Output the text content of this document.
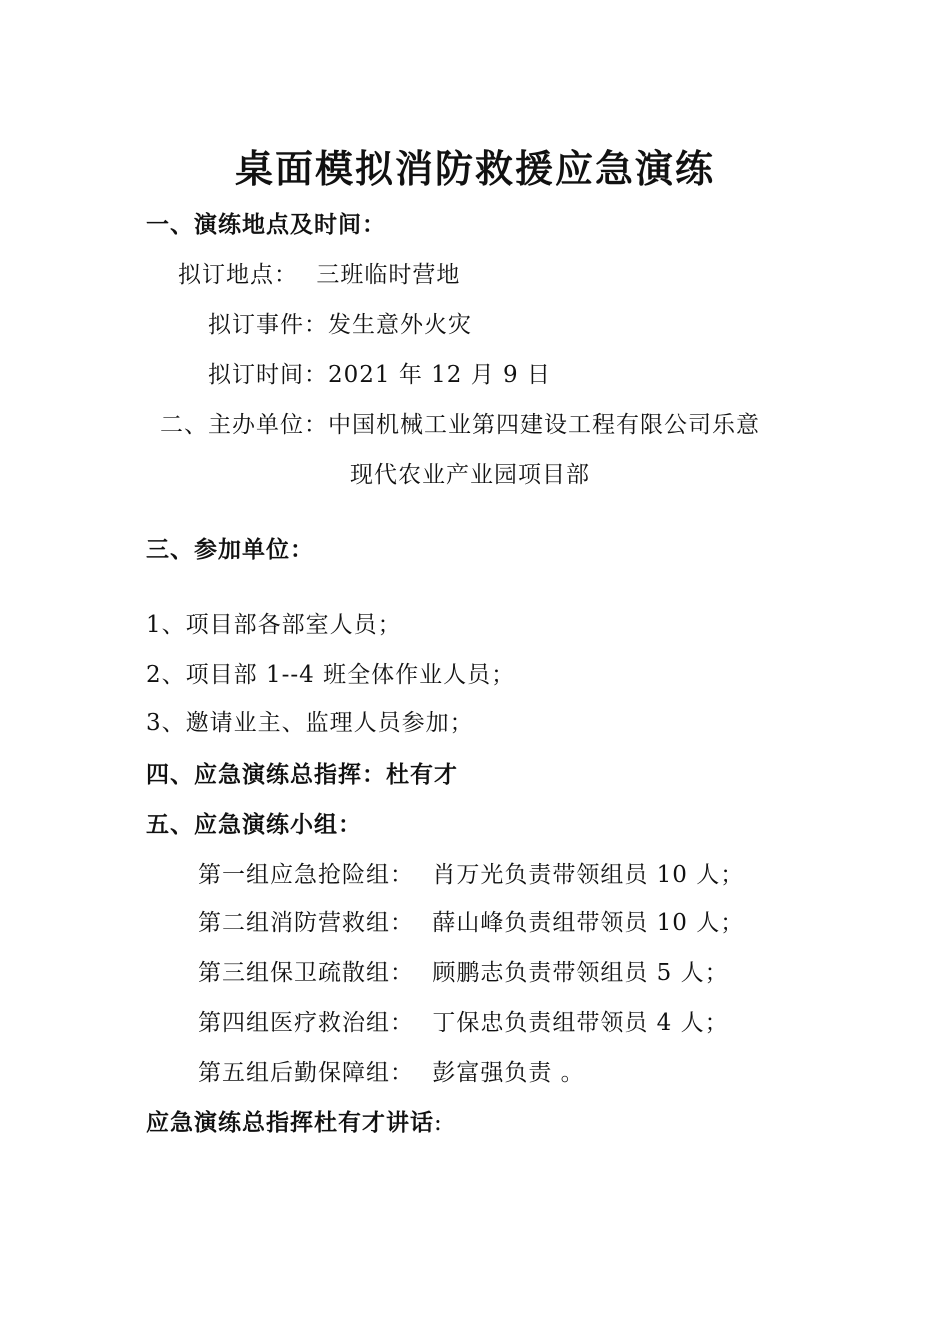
桌面模拟消防救援应急演练
一、演练地点及时间：
拟订地点： 三班临时营地
拟订事件：发生意外火灾
拟订时间：2021 年 12 月 9 日
二、主办单位：中国机械工业第四建设工程有限公司乐意
现代农业产业园项目部
三、参加单位：
1、项目部各部室人员；
2、项目部 1--4 班全体作业人员；
3、邀请业主、监理人员参加；
四、应急演练总指挥：杜有才
五、应急演练小组：
第一组应急抢险组： 肖万光负责带领组员 10 人；
第二组消防营救组： 薛山峰负责组带领员 10 人；
第三组保卫疏散组： 顾鹏志负责带领组员 5 人；
第四组医疗救治组： 丁保忠负责组带领员 4 人；
第五组后勤保障组： 彭富强负责 。
应急演练总指挥杜有才讲话:
